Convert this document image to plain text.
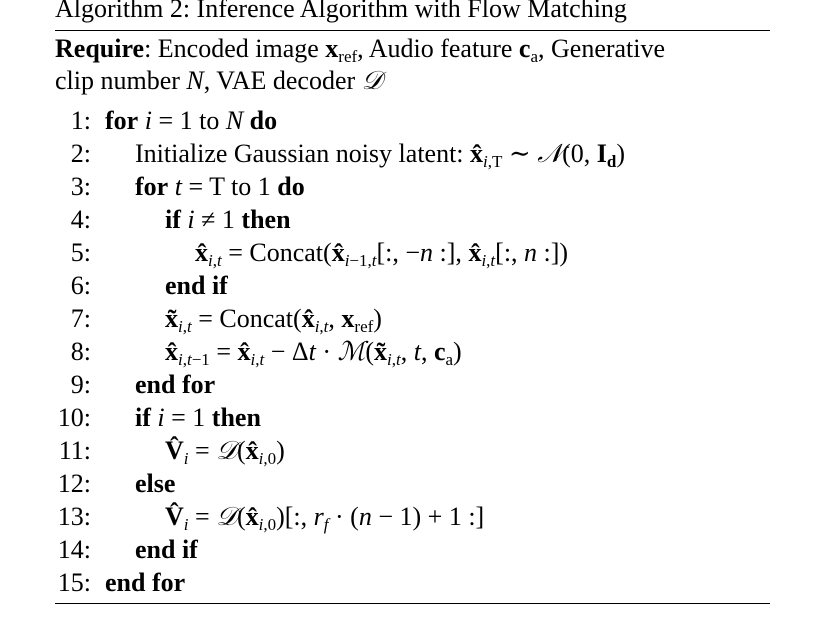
Algorithm 2: Inference Algorithm with Flow Matching
Require: Encoded image $x_{ref}$, Audio feature $c_a$, Generative
clip number N, VAE decoder 𝒟
1: for i = 1 to N do
2: Initialize Gaussian noisy latent: $x̂_{i,T}$ ∼ 𝒩(0, $I_d$)
3: for t = T to 1 do
4:	if i ≠ 1 then
5:	$x̂_{i,t}$ = $Concat(x̂_{i-1,t}$[:, −n :], $x̂_{i,t}$[:, n :])
6:	end if
7:	$x̃_{i,t}$ = $Concat(x̂_{i,t}$, $x_{ref}$)
8:	$x̂_{i,t-1}$ = $x̂_{i,t} - \Delta t$ · $ℳ(x̃_{i,t}$, t, $c_a$)
9: end for
10: if i = 1 then
11:	$V̂_i$ = $𝒟(x̂_{i,0})$
12: else
13:	$V̂_i$ = $𝒟(x̂_{i,0})$[:, $r_f \cdot (n - 1) + 1$ :]
14: end if
15: end for
